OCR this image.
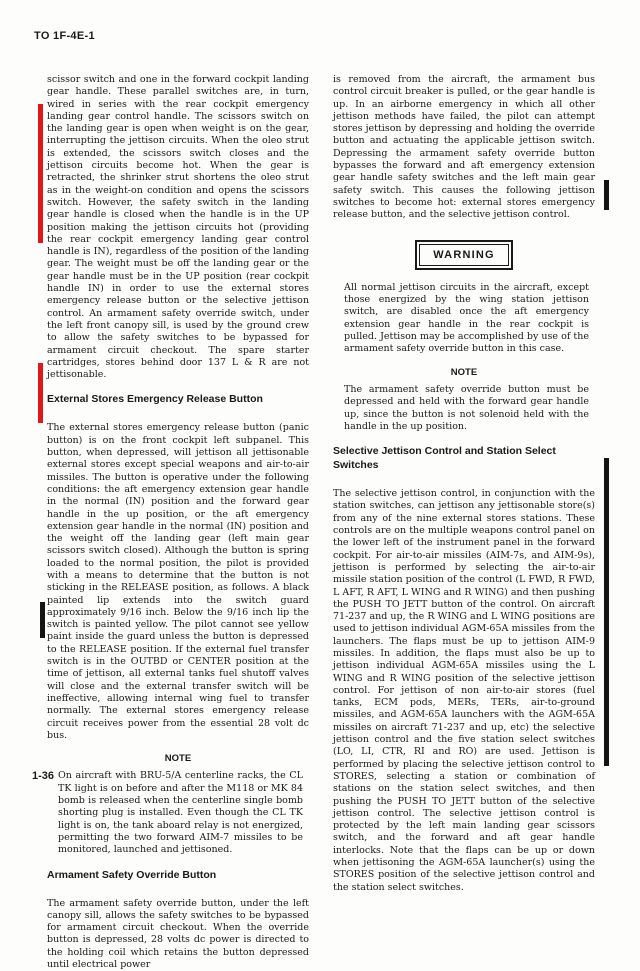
TO 1F-4E-1

scissor switch and one in the forward cockpit landing gear handle. These parallel switches are, in turn, wired in series with the rear cockpit emergency landing gear control handle. The scissors switch on the landing gear is open when weight is on the gear, interrupting the jettison circuits. When the oleo strut is extended, the scissors switch closes and the jettison circuits become hot. When the gear is retracted, the shrinker strut shortens the oleo strut as in the weight-on condition and opens the scissors switch. However, the safety switch in the landing gear handle is closed when the handle is in the UP position making the jettison circuits hot (providing the rear cockpit emergency landing gear control handle is IN), regardless of the position of the landing gear. The weight must be off the landing gear or the gear handle must be in the UP position (rear cockpit handle IN) in order to use the external stores emergency release button or the selective jettison control. An armament safety override switch, under the left front canopy sill, is used by the ground crew to allow the safety switches to be bypassed for armament circuit checkout. The spare starter cartridges, stores behind door 137 L & R are not jettisonable.

External Stores Emergency Release Button

The external stores emergency release button (panic button) is on the front cockpit left subpanel. This button, when depressed, will jettison all jettisonable external stores except special weapons and air-to-air missiles. The button is operative under the following conditions: the aft emergency extension gear handle in the normal (IN) position and the forward gear handle in the up position, or the aft emergency extension gear handle in the normal (IN) position and the weight off the landing gear (left main gear scissors switch closed). Although the button is spring loaded to the normal position, the pilot is provided with a means to determine that the button is not sticking in the RELEASE position, as follows. A black painted lip extends into the switch guard approximately 9/16 inch. Below the 9/16 inch lip the switch is painted yellow. The pilot cannot see yellow paint inside the guard unless the button is depressed to the RELEASE position. If the external fuel transfer switch is in the OUTBD or CENTER position at the time of jettison, all external tanks fuel shutoff valves will close and the external transfer switch will be ineffective, allowing internal wing fuel to transfer normally. The external stores emergency release circuit receives power from the essential 28 volt dc bus.

NOTE

On aircraft with BRU-5/A centerline racks, the CL TK light is on before and after the M118 or MK 84 bomb is released when the centerline single bomb shorting plug is installed. Even though the CL TK light is on, the tank aboard relay is not energized, permitting the two forward AIM-7 missiles to be monitored, launched and jettisoned.

Armament Safety Override Button

The armament safety override button, under the left canopy sill, allows the safety switches to be bypassed for armament circuit checkout. When the override button is depressed, 28 volts dc power is directed to the holding coil which retains the button depressed until electrical power

is removed from the aircraft, the armament bus control circuit breaker is pulled, or the gear handle is up. In an airborne emergency in which all other jettison methods have failed, the pilot can attempt stores jettison by depressing and holding the override button and actuating the applicable jettison switch. Depressing the armament safety override button bypasses the forward and aft emergency extension gear handle safety switches and the left main gear safety switch. This causes the following jettison switches to become hot: external stores emergency release button, and the selective jettison control.

WARNING

All normal jettison circuits in the aircraft, except those energized by the wing station jettison switch, are disabled once the aft emergency extension gear handle in the rear cockpit is pulled. Jettison may be accomplished by use of the armament safety override button in this case.

NOTE

The armament safety override button must be depressed and held with the forward gear handle up, since the button is not solenoid held with the handle in the up position.

Selective Jettison Control and Station Select Switches

The selective jettison control, in conjunction with the station switches, can jettison any jettisonable store(s) from any of the nine external stores stations. These controls are on the multiple weapons control panel on the lower left of the instrument panel in the forward cockpit. For air-to-air missiles (AIM-7s, and AIM-9s), jettison is performed by selecting the air-to-air missile station position of the control (L FWD, R FWD, L AFT, R AFT, L WING and R WING) and then pushing the PUSH TO JETT button of the control. On aircraft 71-237 and up, the R WING and L WING positions are used to jettison individual AGM-65A missiles from the launchers. The flaps must be up to jettison AIM-9 missiles. In addition, the flaps must also be up to jettison individual AGM-65A missiles using the L WING and R WING position of the selective jettison control. For jettison of non air-to-air stores (fuel tanks, ECM pods, MERs, TERs, air-to-ground missiles, and AGM-65A launchers with the AGM-65A missiles on aircraft 71-237 and up, etc) the selective jettison control and the five station select switches (LO, LI, CTR, RI and RO) are used. Jettison is performed by placing the selective jettison control to STORES, selecting a station or combination of stations on the station select switches, and then pushing the PUSH TO JETT button of the selective jettison control. The selective jettison control is protected by the left main landing gear scissors switch, and the forward and aft gear handle interlocks. Note that the flaps can be up or down when jettisoning the AGM-65A launcher(s) using the STORES position of the selective jettison control and the station select switches.

1-36
